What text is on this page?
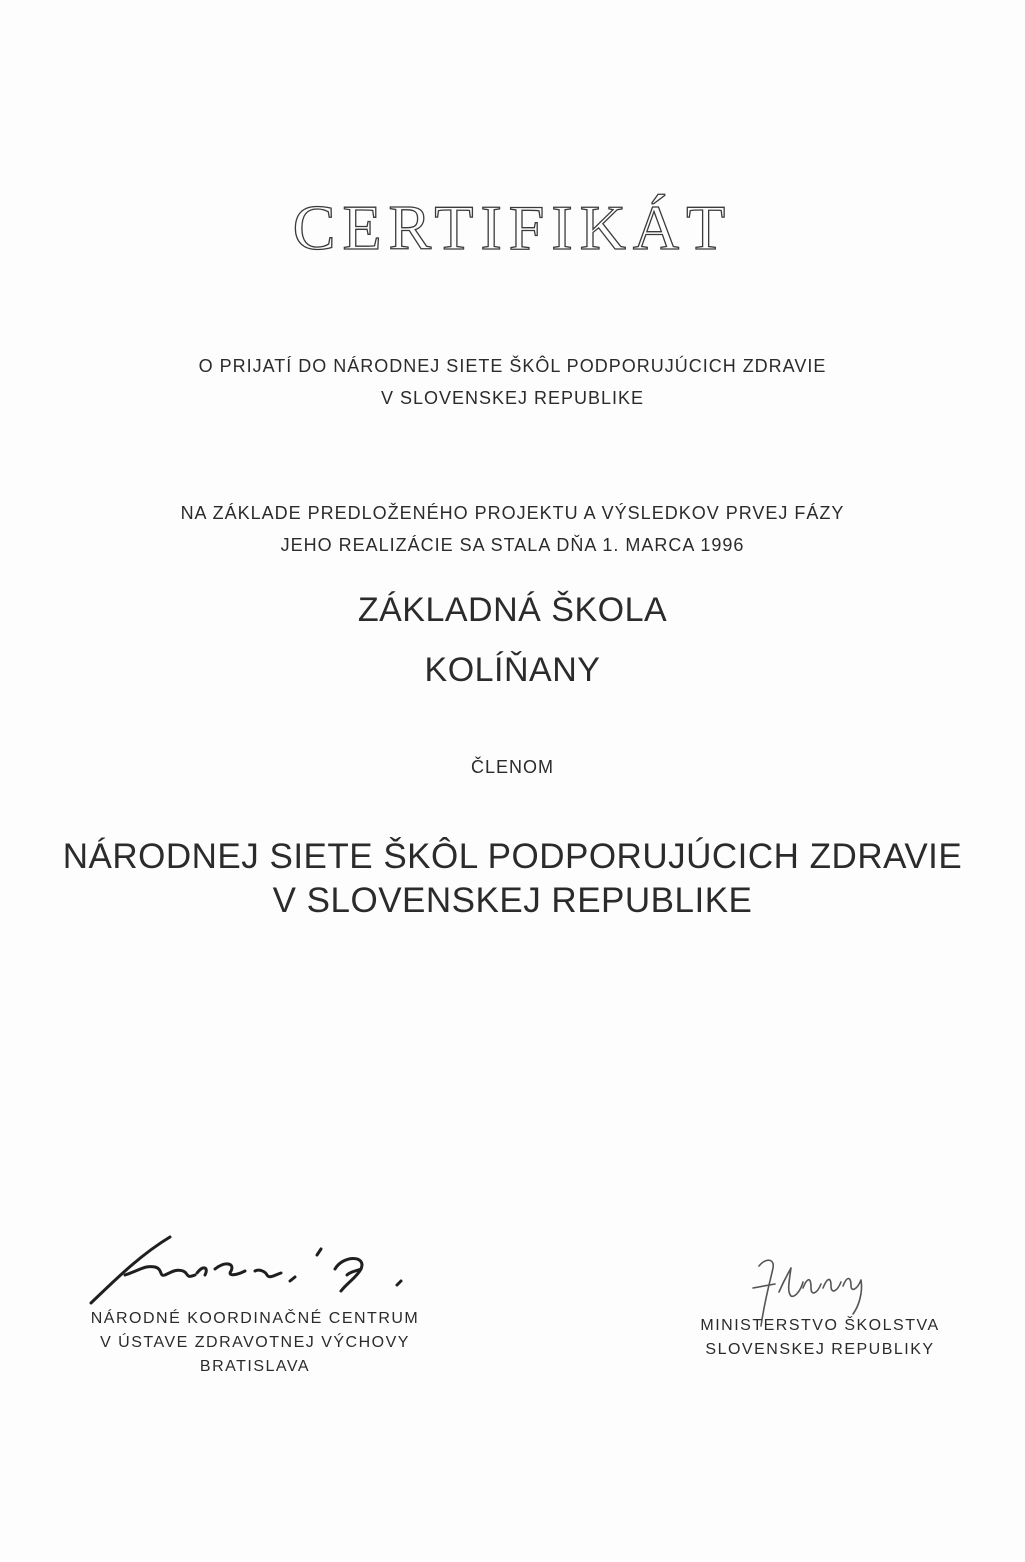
CERTIFIKÁT
O PRIJATÍ DO NÁRODNEJ SIETE ŠKÔL PODPORUJÚCICH ZDRAVIE
V SLOVENSKEJ REPUBLIKE
NA ZÁKLADE PREDLOŽENÉHO PROJEKTU A VÝSLEDKOV PRVEJ FÁZY
JEHO REALIZÁCIE SA STALA DŇA 1. MARCA 1996
ZÁKLADNÁ ŠKOLA
KOLÍŇANY
ČLENOM
NÁRODNEJ SIETE ŠKÔL PODPORUJÚCICH ZDRAVIE
V SLOVENSKEJ REPUBLIKE
NÁRODNÉ KOORDINAČNÉ CENTRUM
V ÚSTAVE ZDRAVOTNEJ VÝCHOVY
BRATISLAVA
MINISTERSTVO ŠKOLSTVA
SLOVENSKEJ REPUBLIKY
